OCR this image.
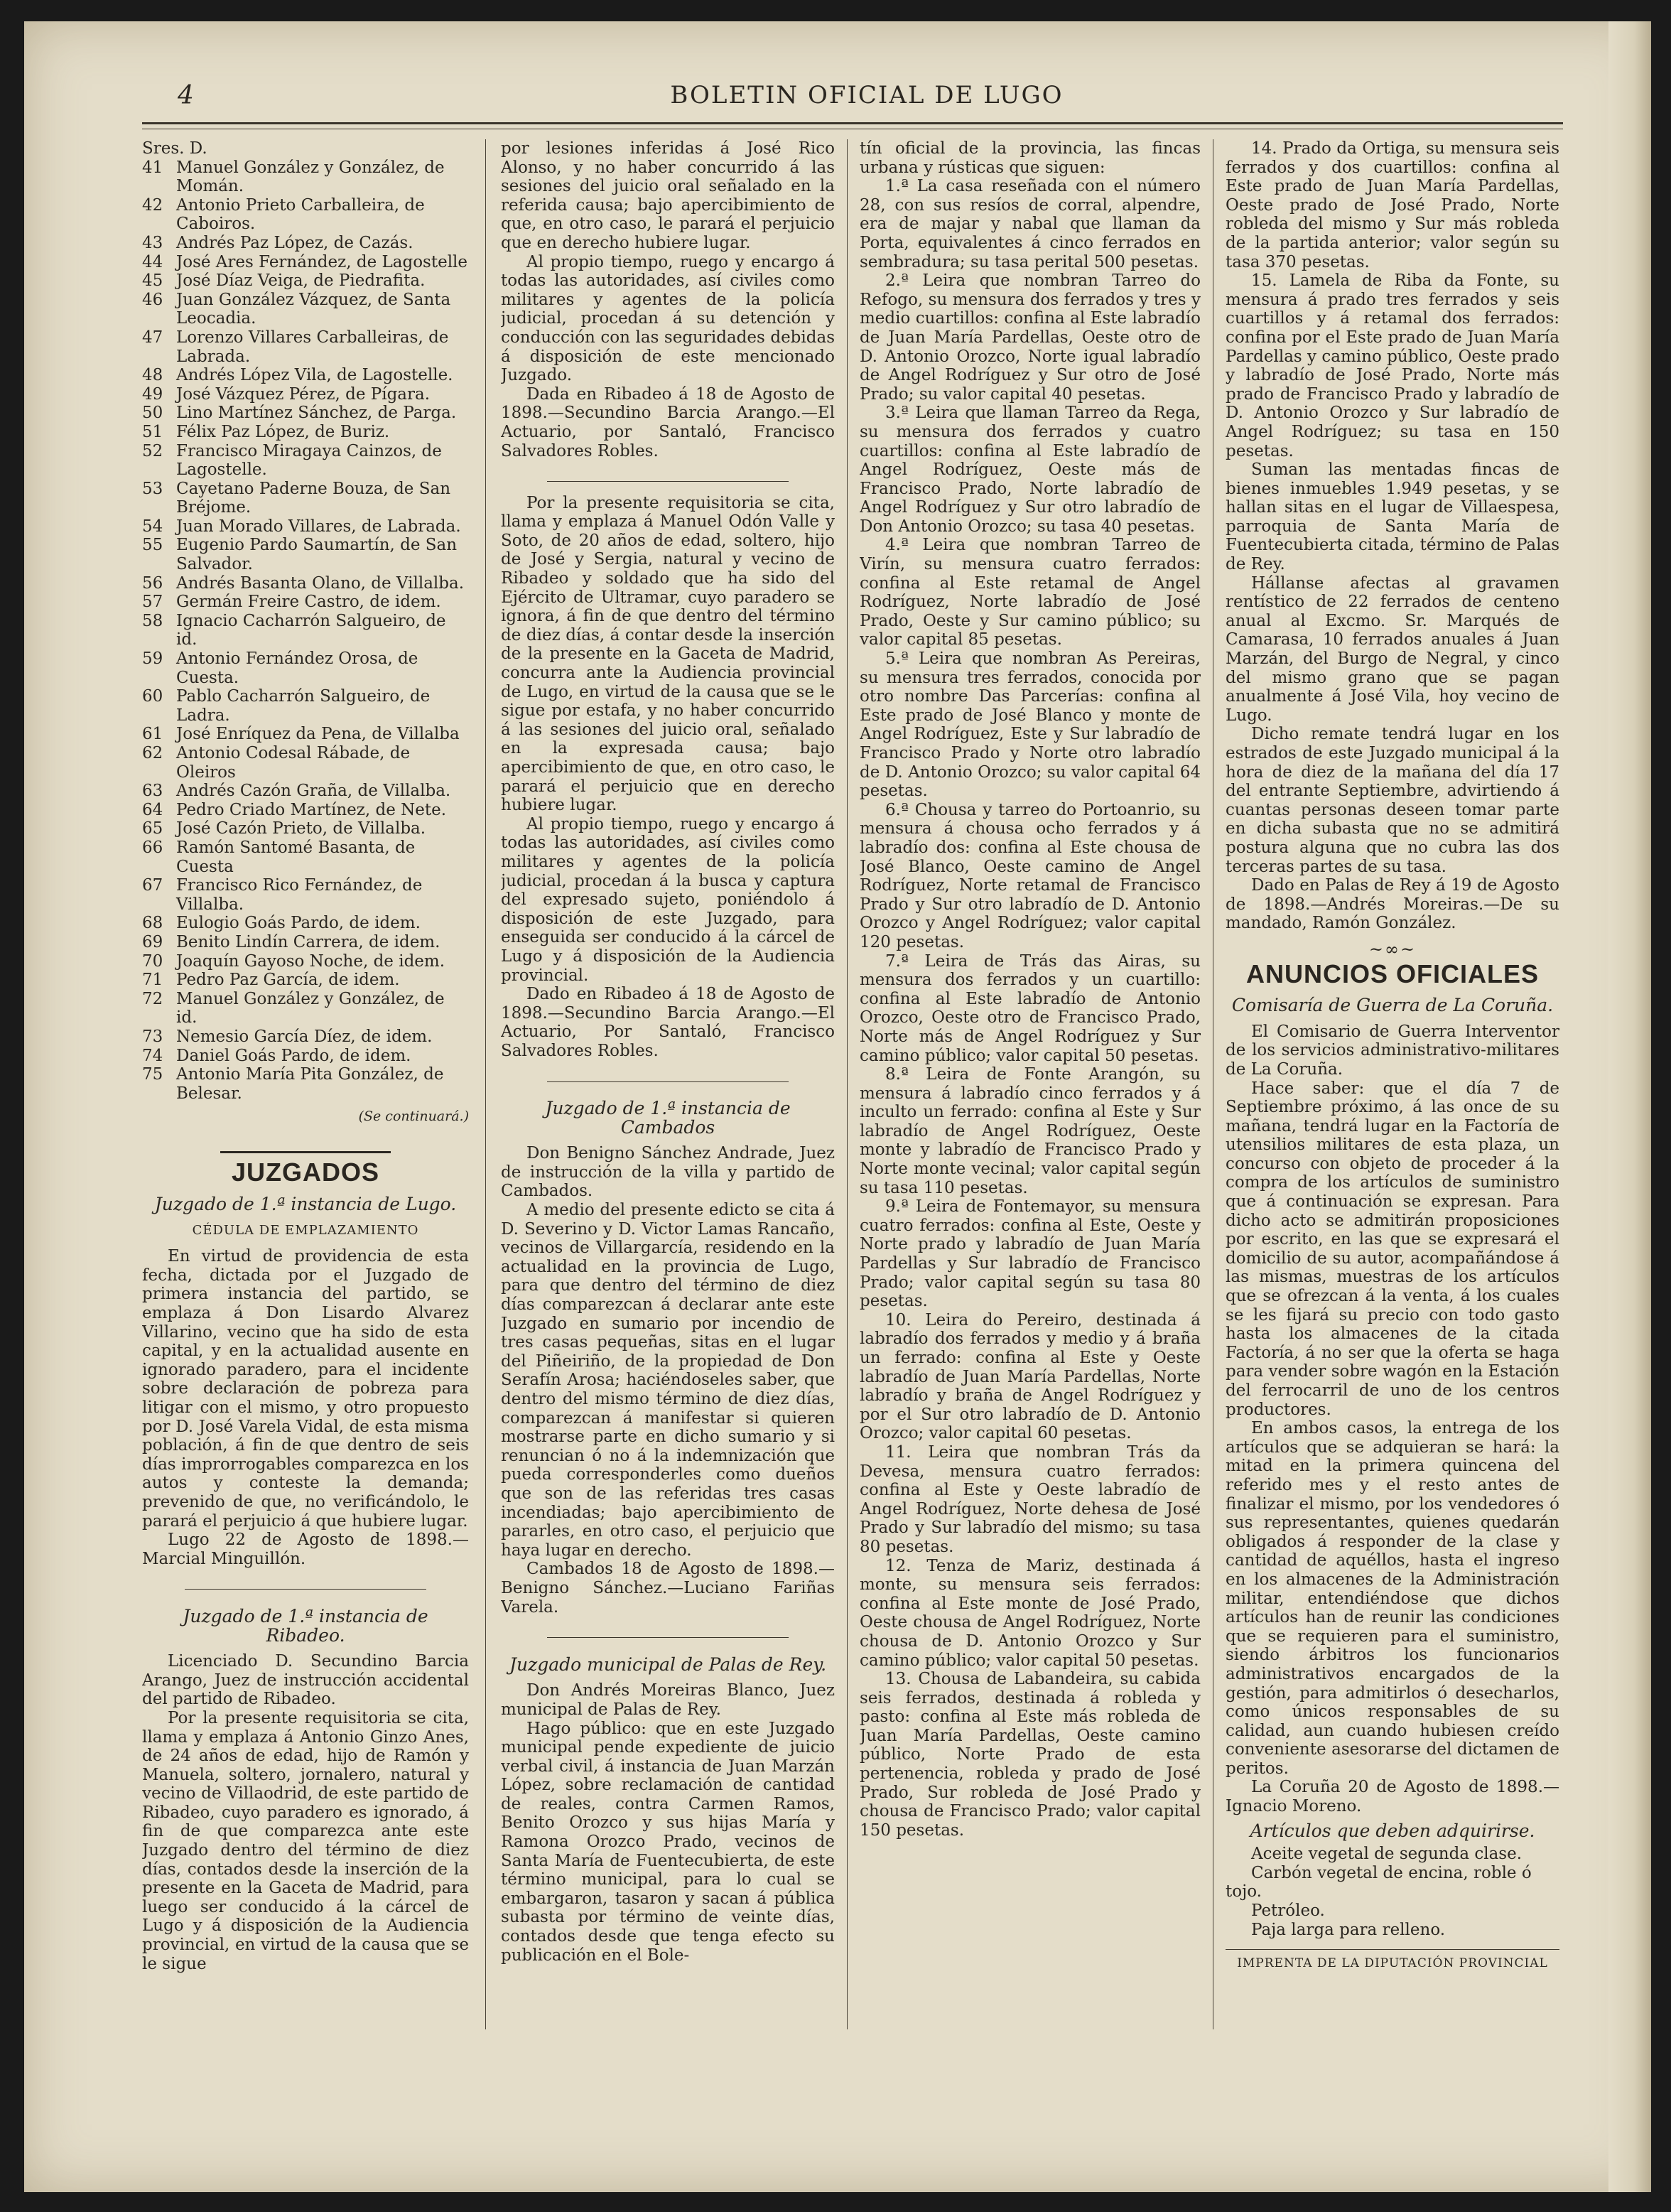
4	BOLETIN OFICIAL DE LUGO

Sres. D.

41 Manuel González y González, de Momán.
42 Antonio Prieto Carballeira, de Caboiros.
43 Andrés Paz López, de Cazás.
44 José Ares Fernández, de Lagostelle
45 José Díaz Veiga, de Piedrafita.
46 Juan González Vázquez, de Santa Leocadia.
47 Lorenzo Villares Carballeiras, de Labrada.
48 Andrés López Vila, de Lagostelle.
49 José Vázquez Pérez, de Pígara.
50 Lino Martínez Sánchez, de Parga.
51 Félix Paz López, de Buriz.
52 Francisco Miragaya Cainzos, de Lagostelle.
53 Cayetano Paderne Bouza, de San Bréjome.
54 Juan Morado Villares, de Labrada.
55 Eugenio Pardo Saumartín, de San Salvador.
56 Andrés Basanta Olano, de Villalba.
57 Germán Freire Castro, de idem.
58 Ignacio Cacharrón Salgueiro, de id.
59 Antonio Fernández Orosa, de Cuesta.
60 Pablo Cacharrón Salgueiro, de Ladra.
61 José Enríquez da Pena, de Villalba
62 Antonio Codesal Rábade, de Oleiros
63 Andrés Cazón Graña, de Villalba.
64 Pedro Criado Martínez, de Nete.
65 José Cazón Prieto, de Villalba.
66 Ramón Santomé Basanta, de Cuesta
67 Francisco Rico Fernández, de Villalba.
68 Eulogio Goás Pardo, de idem.
69 Benito Lindín Carrera, de idem.
70 Joaquín Gayoso Noche, de idem.
71 Pedro Paz García, de idem.
72 Manuel González y González, de id.
73 Nemesio García Díez, de idem.
74 Daniel Goás Pardo, de idem.
75 Antonio María Pita González, de Belesar.
(Se continuará.)
JUZGADOS
Juzgado de 1.ª instancia de Lugo.
CÉDULA DE EMPLAZAMIENTO

En virtud de providencia de esta fecha, dictada por el Juzgado de primera instancia del partido, se emplaza á Don Lisardo Alvarez Villarino, vecino que ha sido de esta capital, y en la actualidad ausente en ignorado paradero, para el incidente sobre declaración de pobreza para litigar con el mismo, y otro propuesto por D. José Varela Vidal, de esta misma población, á fin de que dentro de seis días improrrogables comparezca en los autos y conteste la demanda; prevenido de que, no verificándolo, le parará el perjuicio á que hubiere lugar.

Lugo 22 de Agosto de 1898.—Marcial Minguillón.

Juzgado de 1.ª instancia de Ribadeo.

Licenciado D. Secundino Barcia Arango, Juez de instrucción accidental del partido de Ribadeo.

Por la presente requisitoria se cita, llama y emplaza á Antonio Ginzo Anes, de 24 años de edad, hijo de Ramón y Manuela, soltero, jornalero, natural y vecino de Villaodrid, de este partido de Ribadeo, cuyo paradero es ignorado, á fin de que comparezca ante este Juzgado dentro del término de diez días, contados desde la inserción de la presente en la Gaceta de Madrid, para luego ser conducido á la cárcel de Lugo y á disposición de la Audiencia provincial, en virtud de la causa que se le sigue

por lesiones inferidas á José Rico Alonso, y no haber concurrido á las sesiones del juicio oral señalado en la referida causa; bajo apercibimiento de que, en otro caso, le parará el perjuicio que en derecho hubiere lugar.

Al propio tiempo, ruego y encargo á todas las autoridades, así civiles como militares y agentes de la policía judicial, procedan á su detención y conducción con las seguridades debidas á disposición de este mencionado Juzgado.

Dada en Ribadeo á 18 de Agosto de 1898.—Secundino Barcia Arango.—El Actuario, por Santaló, Francisco Salvadores Robles.

Por la presente requisitoria se cita, llama y emplaza á Manuel Odón Valle y Soto, de 20 años de edad, soltero, hijo de José y Sergia, natural y vecino de Ribadeo y soldado que ha sido del Ejército de Ultramar, cuyo paradero se ignora, á fin de que dentro del término de diez días, á contar desde la inserción de la presente en la Gaceta de Madrid, concurra ante la Audiencia provincial de Lugo, en virtud de la causa que se le sigue por estafa, y no haber concurrido á las sesiones del juicio oral, señalado en la expresada causa; bajo apercibimiento de que, en otro caso, le parará el perjuicio que en derecho hubiere lugar.

Al propio tiempo, ruego y encargo á todas las autoridades, así civiles como militares y agentes de la policía judicial, procedan á la busca y captura del expresado sujeto, poniéndolo á disposición de este Juzgado, para enseguida ser conducido á la cárcel de Lugo y á disposición de la Audiencia provincial.

Dado en Ribadeo á 18 de Agosto de 1898.—Secundino Barcia Arango.—El Actuario, Por Santaló, Francisco Salvadores Robles.

Juzgado de 1.ª instancia de Cambados

Don Benigno Sánchez Andrade, Juez de instrucción de la villa y partido de Cambados.

A medio del presente edicto se cita á D. Severino y D. Victor Lamas Rancaño, vecinos de Villargarcía, residendo en la actualidad en la provincia de Lugo, para que dentro del término de diez días comparezcan á declarar ante este Juzgado en sumario por incendio de tres casas pequeñas, sitas en el lugar del Piñeiriño, de la propiedad de Don Serafín Arosa; haciéndoseles saber, que dentro del mismo término de diez días, comparezcan á manifestar si quieren mostrarse parte en dicho sumario y si renuncian ó no á la indemnización que pueda corresponderles como dueños que son de las referidas tres casas incendiadas; bajo apercibimiento de pararles, en otro caso, el perjuicio que haya lugar en derecho.

Cambados 18 de Agosto de 1898.—Benigno Sánchez.—Luciano Fariñas Varela.

Juzgado municipal de Palas de Rey.

Don Andrés Moreiras Blanco, Juez municipal de Palas de Rey.

Hago público: que en este Juzgado municipal pende expediente de juicio verbal civil, á instancia de Juan Marzán López, sobre reclamación de cantidad de reales, contra Carmen Ramos, Benito Orozco y sus hijas María y Ramona Orozco Prado, vecinos de Santa María de Fuentecubierta, de este término municipal, para lo cual se embargaron, tasaron y sacan á pública subasta por término de veinte días, contados desde que tenga efecto su publicación en el Bole-

tín oficial de la provincia, las fincas urbana y rústicas que siguen:

1.ª La casa reseñada con el número 28, con sus resíos de corral, alpendre, era de majar y nabal que llaman da Porta, equivalentes á cinco ferrados en sembradura; su tasa perital 500 pesetas.

2.ª Leira que nombran Tarreo do Refogo, su mensura dos ferrados y tres y medio cuartillos: confina al Este labradío de Juan María Pardellas, Oeste otro de D. Antonio Orozco, Norte igual labradío de Angel Rodríguez y Sur otro de José Prado; su valor capital 40 pesetas.

3.ª Leira que llaman Tarreo da Rega, su mensura dos ferrados y cuatro cuartillos: confina al Este labradío de Angel Rodríguez, Oeste más de Francisco Prado, Norte labradío de Angel Rodríguez y Sur otro labradío de Don Antonio Orozco; su tasa 40 pesetas.

4.ª Leira que nombran Tarreo de Virín, su mensura cuatro ferrados: confina al Este retamal de Angel Rodríguez, Norte labradío de José Prado, Oeste y Sur camino público; su valor capital 85 pesetas.

5.ª Leira que nombran As Pereiras, su mensura tres ferrados, conocida por otro nombre Das Parcerías: confina al Este prado de José Blanco y monte de Angel Rodríguez, Este y Sur labradío de Francisco Prado y Norte otro labradío de D. Antonio Orozco; su valor capital 64 pesetas.

6.ª Chousa y tarreo do Portoanrio, su mensura á chousa ocho ferrados y á labradío dos: confina al Este chousa de José Blanco, Oeste camino de Angel Rodríguez, Norte retamal de Francisco Prado y Sur otro labradío de D. Antonio Orozco y Angel Rodríguez; valor capital 120 pesetas.

7.ª Leira de Trás das Airas, su mensura dos ferrados y un cuartillo: confina al Este labradío de Antonio Orozco, Oeste otro de Francisco Prado, Norte más de Angel Rodríguez y Sur camino público; valor capital 50 pesetas.

8.ª Leira de Fonte Arangón, su mensura á labradío cinco ferrados y á inculto un ferrado: confina al Este y Sur labradío de Angel Rodríguez, Oeste monte y labradío de Francisco Prado y Norte monte vecinal; valor capital según su tasa 110 pesetas.

9.ª Leira de Fontemayor, su mensura cuatro ferrados: confina al Este, Oeste y Norte prado y labradío de Juan María Pardellas y Sur labradío de Francisco Prado; valor capital según su tasa 80 pesetas.

10. Leira do Pereiro, destinada á labradío dos ferrados y medio y á braña un ferrado: confina al Este y Oeste labradío de Juan María Pardellas, Norte labradío y braña de Angel Rodríguez y por el Sur otro labradío de D. Antonio Orozco; valor capital 60 pesetas.

11. Leira que nombran Trás da Devesa, mensura cuatro ferrados: confina al Este y Oeste labradío de Angel Rodríguez, Norte dehesa de José Prado y Sur labradío del mismo; su tasa 80 pesetas.

12. Tenza de Mariz, destinada á monte, su mensura seis ferrados: confina al Este monte de José Prado, Oeste chousa de Angel Rodríguez, Norte chousa de D. Antonio Orozco y Sur camino público; valor capital 50 pesetas.

13. Chousa de Labandeira, su cabida seis ferrados, destinada á robleda y pasto: confina al Este más robleda de Juan María Pardellas, Oeste camino público, Norte Prado de esta pertenencia, robleda y prado de José Prado, Sur robleda de José Prado y chousa de Francisco Prado; valor capital 150 pesetas.

14. Prado da Ortiga, su mensura seis ferrados y dos cuartillos: confina al Este prado de Juan María Pardellas, Oeste prado de José Prado, Norte robleda del mismo y Sur más robleda de la partida anterior; valor según su tasa 370 pesetas.

15. Lamela de Riba da Fonte, su mensura á prado tres ferrados y seis cuartillos y á retamal dos ferrados: confina por el Este prado de Juan María Pardellas y camino público, Oeste prado y labradío de José Prado, Norte más prado de Francisco Prado y labradío de D. Antonio Orozco y Sur labradío de Angel Rodríguez; su tasa en 150 pesetas.

Suman las mentadas fincas de bienes inmuebles 1.949 pesetas, y se hallan sitas en el lugar de Villaespesa, parroquia de Santa María de Fuentecubierta citada, término de Palas de Rey.

Hállanse afectas al gravamen rentístico de 22 ferrados de centeno anual al Excmo. Sr. Marqués de Camarasa, 10 ferrados anuales á Juan Marzán, del Burgo de Negral, y cinco del mismo grano que se pagan anualmente á José Vila, hoy vecino de Lugo.

Dicho remate tendrá lugar en los estrados de este Juzgado municipal á la hora de diez de la mañana del día 17 del entrante Septiembre, advirtiendo á cuantas personas deseen tomar parte en dicha subasta que no se admitirá postura alguna que no cubra las dos terceras partes de su tasa.

Dado en Palas de Rey á 19 de Agosto de 1898.—Andrés Moreiras.—De su mandado, Ramón González.

~∞~
ANUNCIOS OFICIALES
Comisaría de Guerra de La Coruña.

El Comisario de Guerra Interventor de los servicios administrativo-militares de La Coruña.

Hace saber: que el día 7 de Septiembre próximo, á las once de su mañana, tendrá lugar en la Factoría de utensilios militares de esta plaza, un concurso con objeto de proceder á la compra de los artículos de suministro que á continuación se expresan. Para dicho acto se admitirán proposiciones por escrito, en las que se expresará el domicilio de su autor, acompañándose á las mismas, muestras de los artículos que se ofrezcan á la venta, á los cuales se les fijará su precio con todo gasto hasta los almacenes de la citada Factoría, á no ser que la oferta se haga para vender sobre wagón en la Estación del ferrocarril de uno de los centros productores.

En ambos casos, la entrega de los artículos que se adquieran se hará: la mitad en la primera quincena del referido mes y el resto antes de finalizar el mismo, por los vendedores ó sus representantes, quienes quedarán obligados á responder de la clase y cantidad de aquéllos, hasta el ingreso en los almacenes de la Administración militar, entendiéndose que dichos artículos han de reunir las condiciones que se requieren para el suministro, siendo árbitros los funcionarios administrativos encargados de la gestión, para admitirlos ó desecharlos, como únicos responsables de su calidad, aun cuando hubiesen creído conveniente asesorarse del dictamen de peritos.

La Coruña 20 de Agosto de 1898.—Ignacio Moreno.

Artículos que deben adquirirse.

Aceite vegetal de segunda clase.

Carbón vegetal de encina, roble ó tojo.

Petróleo.

Paja larga para relleno.

IMPRENTA DE LA DIPUTACIÓN PROVINCIAL
